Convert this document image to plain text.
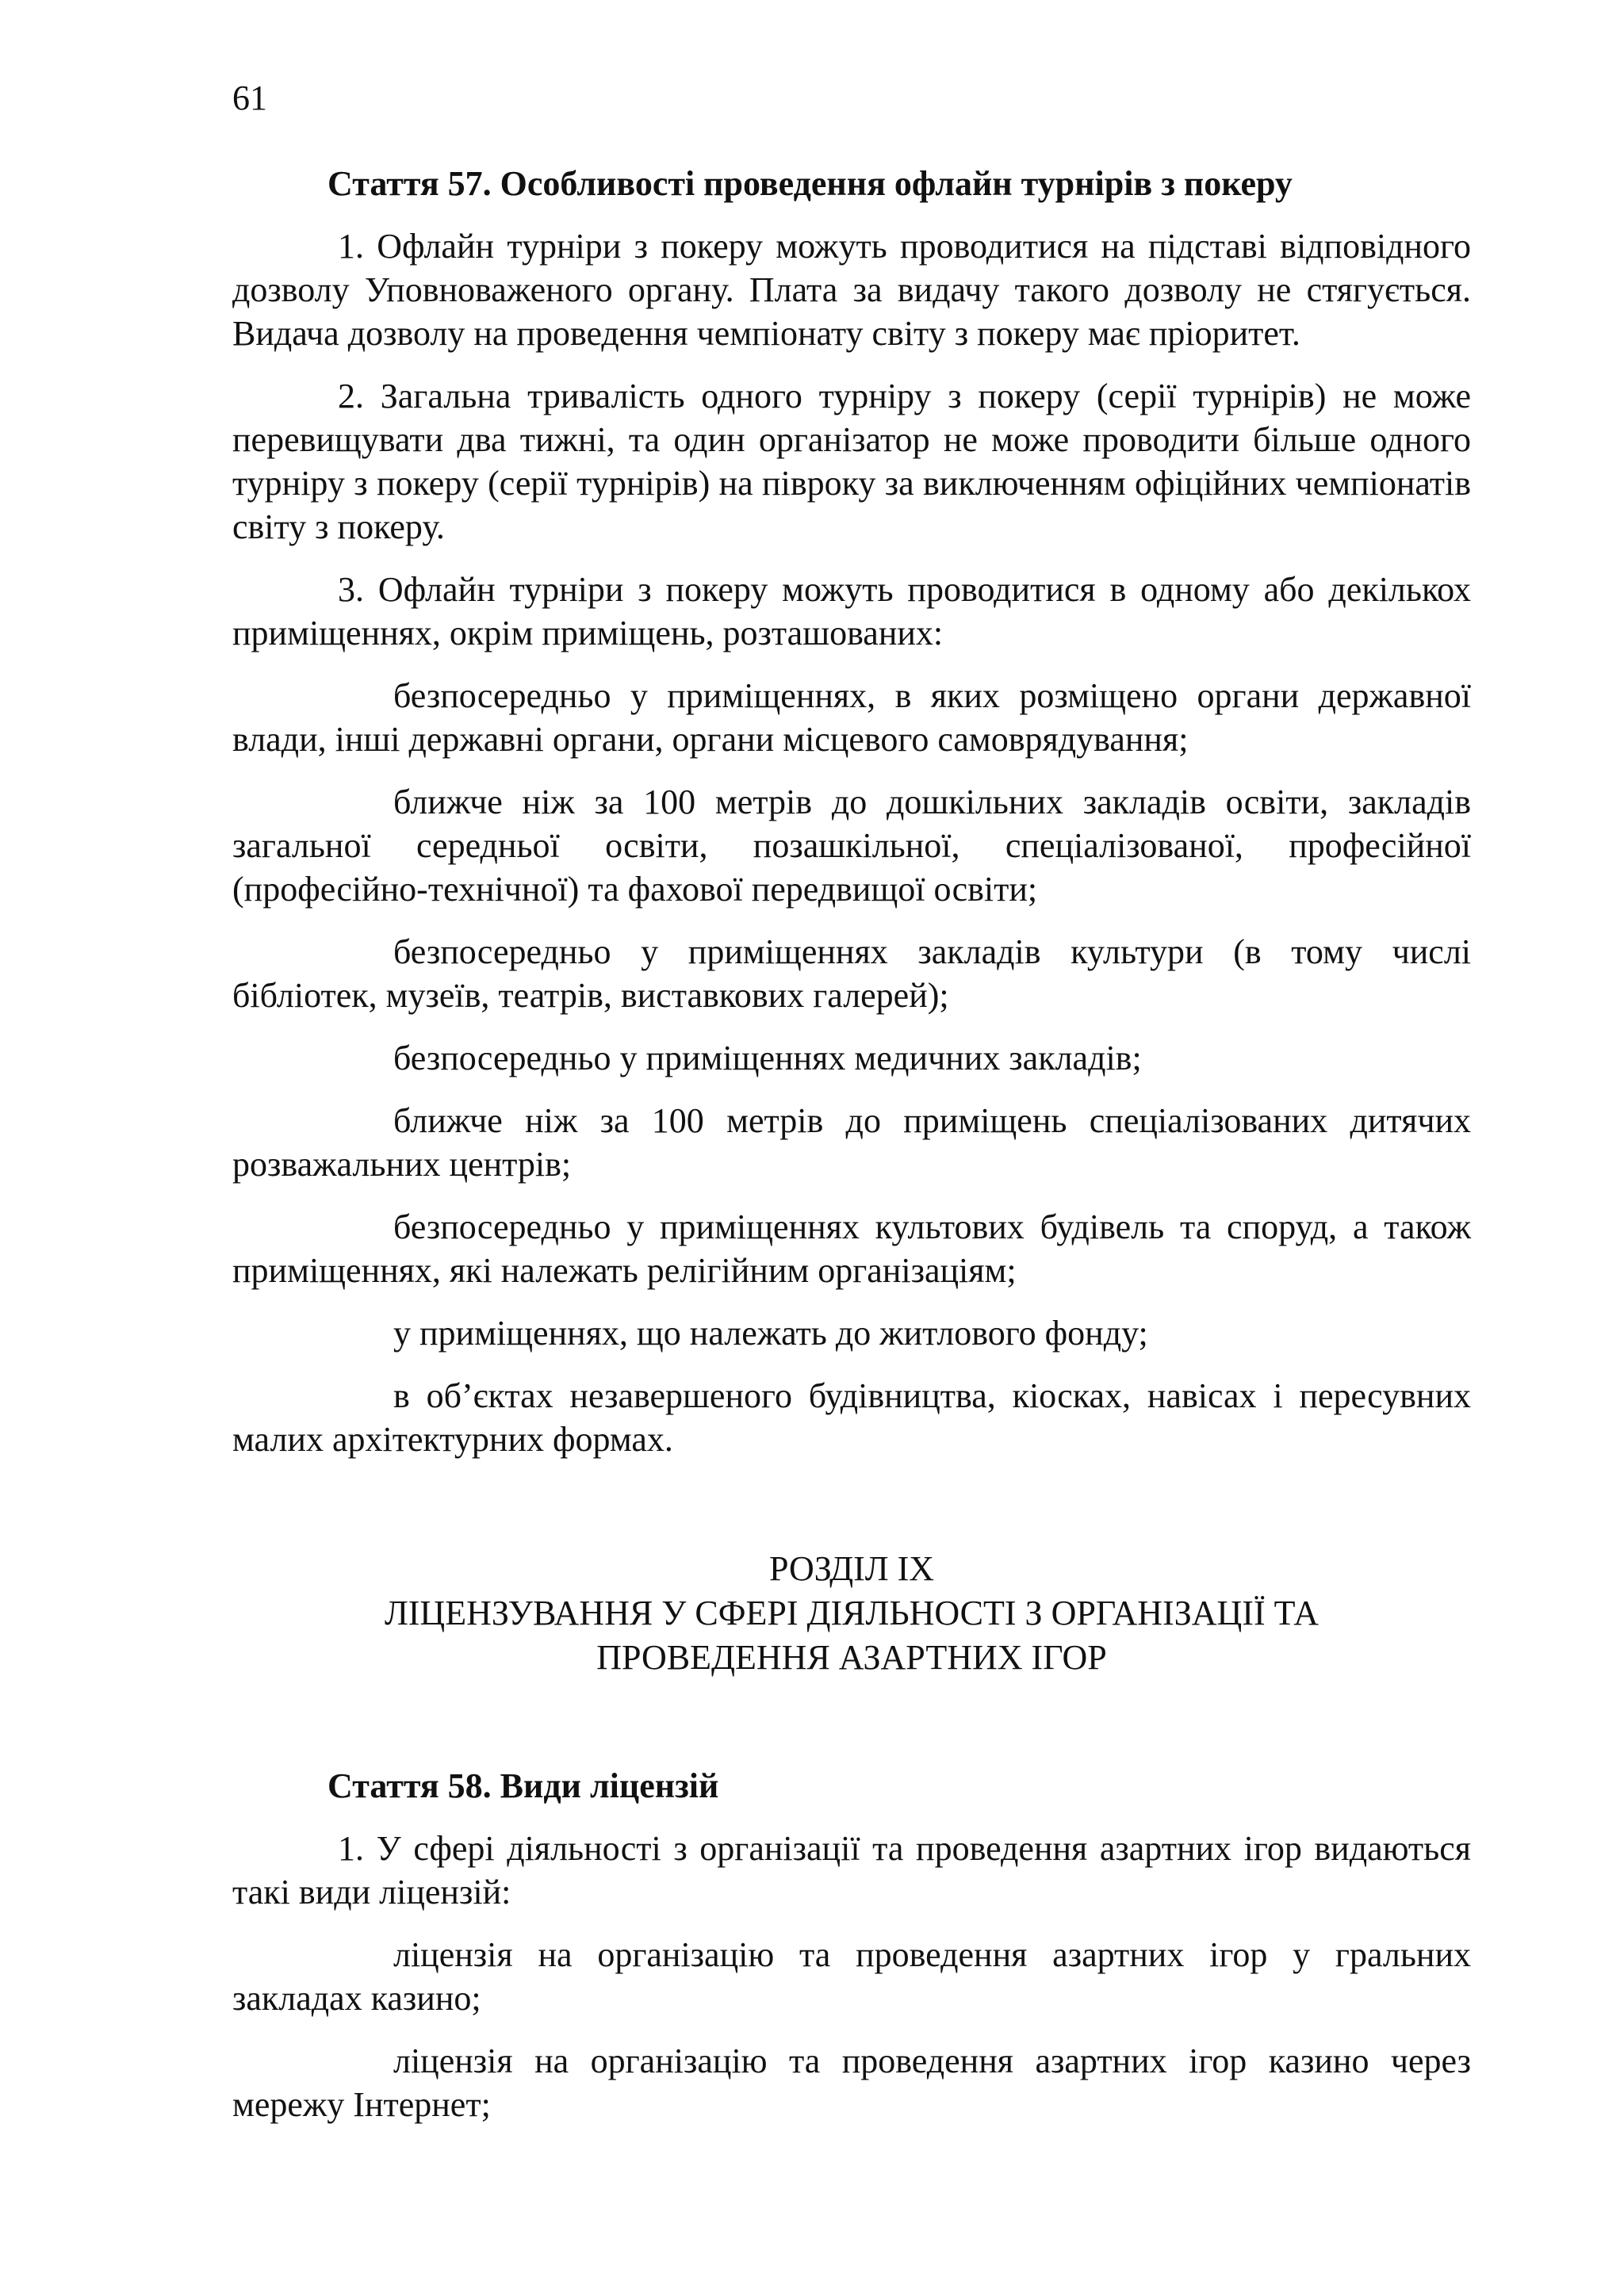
61
Стаття 57. Особливості проведення офлайн турнірів з покеру
1. Офлайн турніри з покеру можуть проводитися на підставі відповідного дозволу Уповноваженого органу. Плата за видачу такого дозволу не стягується. Видача дозволу на проведення чемпіонату світу з покеру має пріоритет.
2. Загальна тривалість одного турніру з покеру (серії турнірів) не може перевищувати два тижні, та один організатор не може проводити більше одного турніру з покеру (серії турнірів) на півроку за виключенням офіційних чемпіонатів світу з покеру.
3. Офлайн турніри з покеру можуть проводитися в одному або декількох приміщеннях, окрім приміщень, розташованих:
безпосередньо у приміщеннях, в яких розміщено органи державної влади, інші державні органи, органи місцевого самоврядування;
ближче ніж за 100 метрів до дошкільних закладів освіти, закладів загальної середньої освіти, позашкільної, спеціалізованої, професійної (професійно-технічної) та фахової передвищої освіти;
безпосередньо у приміщеннях закладів культури (в тому числі бібліотек, музеїв, театрів, виставкових галерей);
безпосередньо у приміщеннях медичних закладів;
ближче ніж за 100 метрів до приміщень спеціалізованих дитячих розважальних центрів;
безпосередньо у приміщеннях культових будівель та споруд, а також приміщеннях, які належать релігійним організаціям;
у приміщеннях, що належать до житлового фонду;
в об’єктах незавершеного будівництва, кіосках, навісах і пересувних малих архітектурних формах.
РОЗДІЛ IX
ЛІЦЕНЗУВАННЯ У СФЕРІ ДІЯЛЬНОСТІ З ОРГАНІЗАЦІЇ ТА
ПРОВЕДЕННЯ АЗАРТНИХ ІГОР
Стаття 58. Види ліцензій
1. У сфері діяльності з організації та проведення азартних ігор видаються такі види ліцензій:
ліцензія на організацію та проведення азартних ігор у гральних закладах казино;
ліцензія на організацію та проведення азартних ігор казино через мережу Інтернет;
